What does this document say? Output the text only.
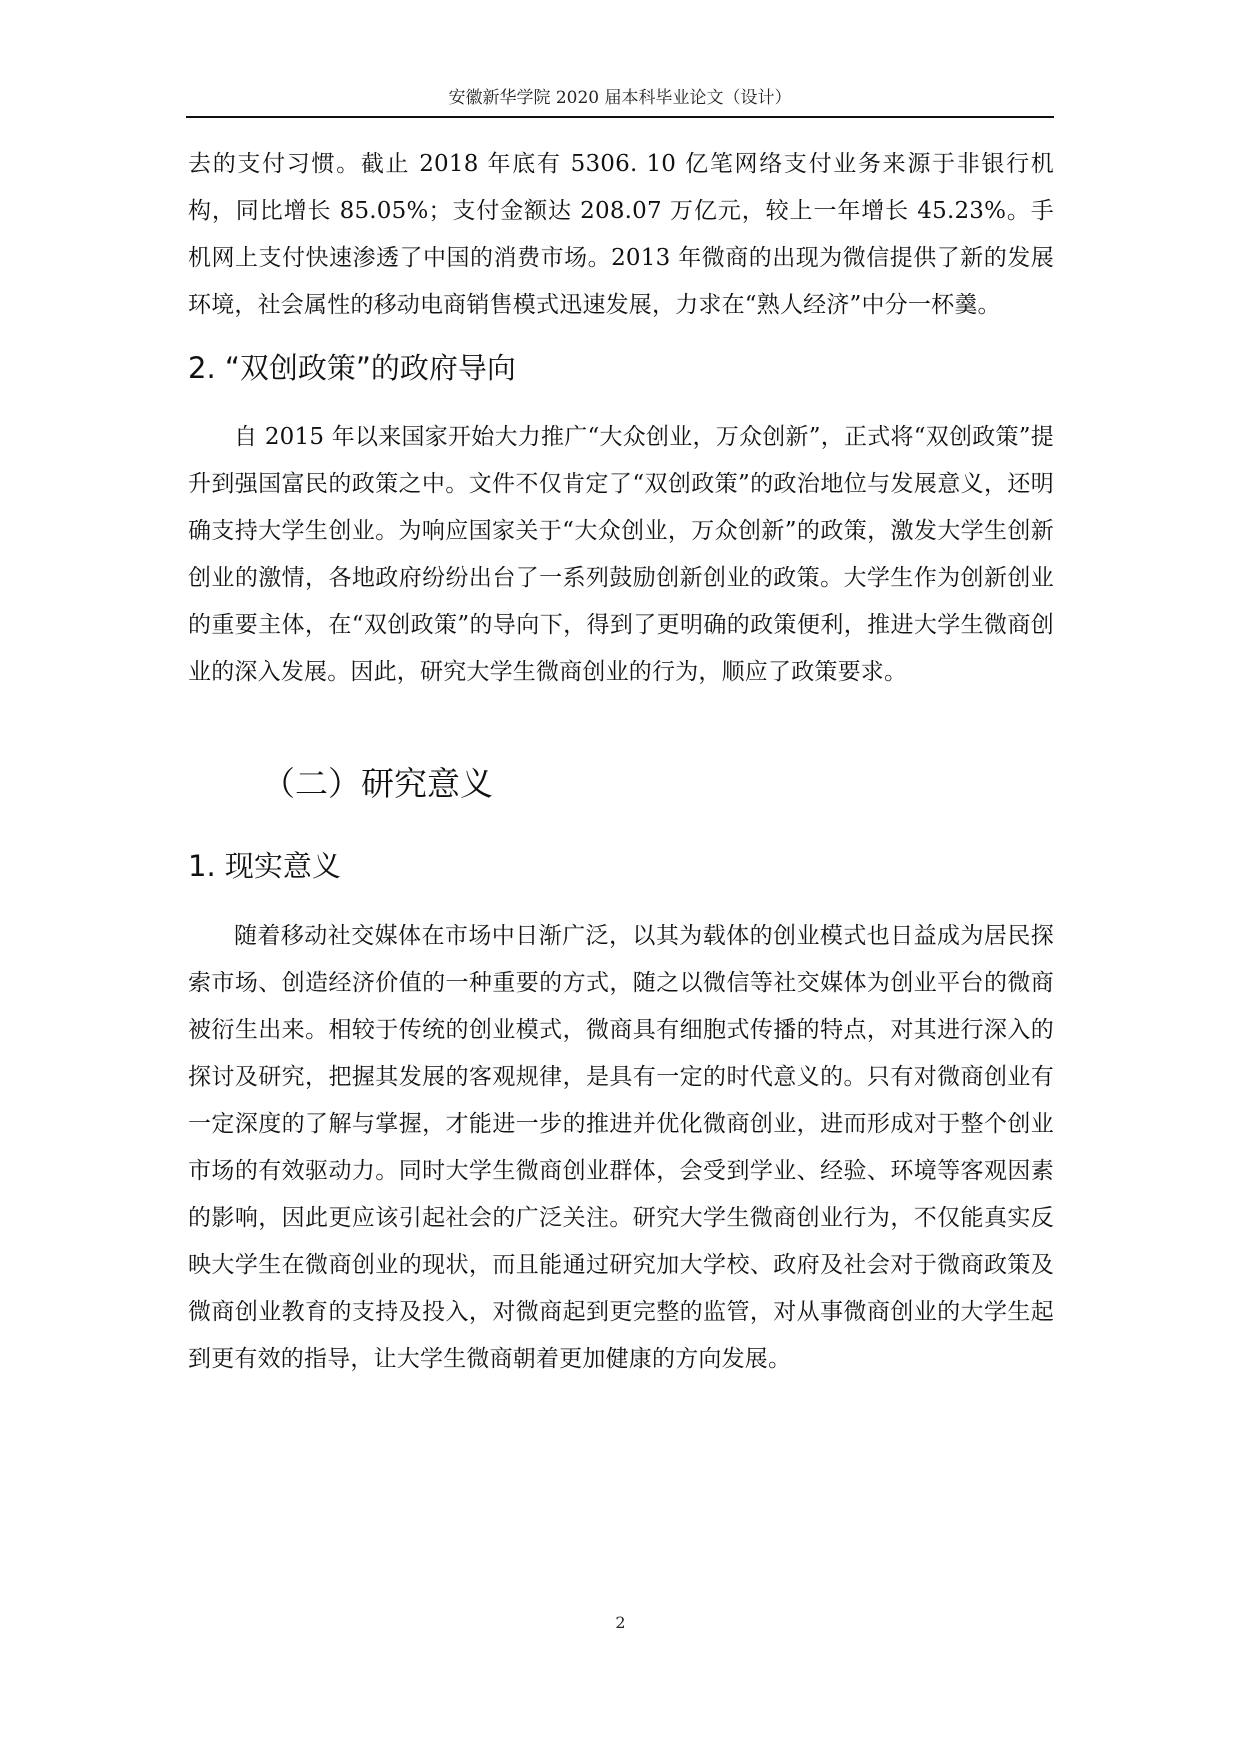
安徽新华学院 2020 届本科毕业论文（设计）

去的支付习惯。截止 2018 年底有 5306. 10 亿笔网络支付业务来源于非银行机构，同比增长 85.05%；支付金额达 208.07 万亿元，较上一年增长 45.23%。手机网上支付快速渗透了中国的消费市场。2013 年微商的出现为微信提供了新的发展环境，社会属性的移动电商销售模式迅速发展，力求在“熟人经济”中分一杯羹。

2. “双创政策”的政府导向

自 2015 年以来国家开始大力推广“大众创业，万众创新”，正式将“双创政策”提升到强国富民的政策之中。文件不仅肯定了“双创政策”的政治地位与发展意义，还明确支持大学生创业。为响应国家关于“大众创业，万众创新”的政策，激发大学生创新创业的激情，各地政府纷纷出台了一系列鼓励创新创业的政策。大学生作为创新创业的重要主体，在“双创政策”的导向下，得到了更明确的政策便利，推进大学生微商创业的深入发展。因此，研究大学生微商创业的行为，顺应了政策要求。

（二）研究意义
1. 现实意义

随着移动社交媒体在市场中日渐广泛，以其为载体的创业模式也日益成为居民探索市场、创造经济价值的一种重要的方式，随之以微信等社交媒体为创业平台的微商被衍生出来。相较于传统的创业模式，微商具有细胞式传播的特点，对其进行深入的探讨及研究，把握其发展的客观规律，是具有一定的时代意义的。只有对微商创业有一定深度的了解与掌握，才能进一步的推进并优化微商创业，进而形成对于整个创业市场的有效驱动力。同时大学生微商创业群体，会受到学业、经验、环境等客观因素的影响，因此更应该引起社会的广泛关注。研究大学生微商创业行为，不仅能真实反映大学生在微商创业的现状，而且能通过研究加大学校、政府及社会对于微商政策及微商创业教育的支持及投入，对微商起到更完整的监管，对从事微商创业的大学生起到更有效的指导，让大学生微商朝着更加健康的方向发展。

2
